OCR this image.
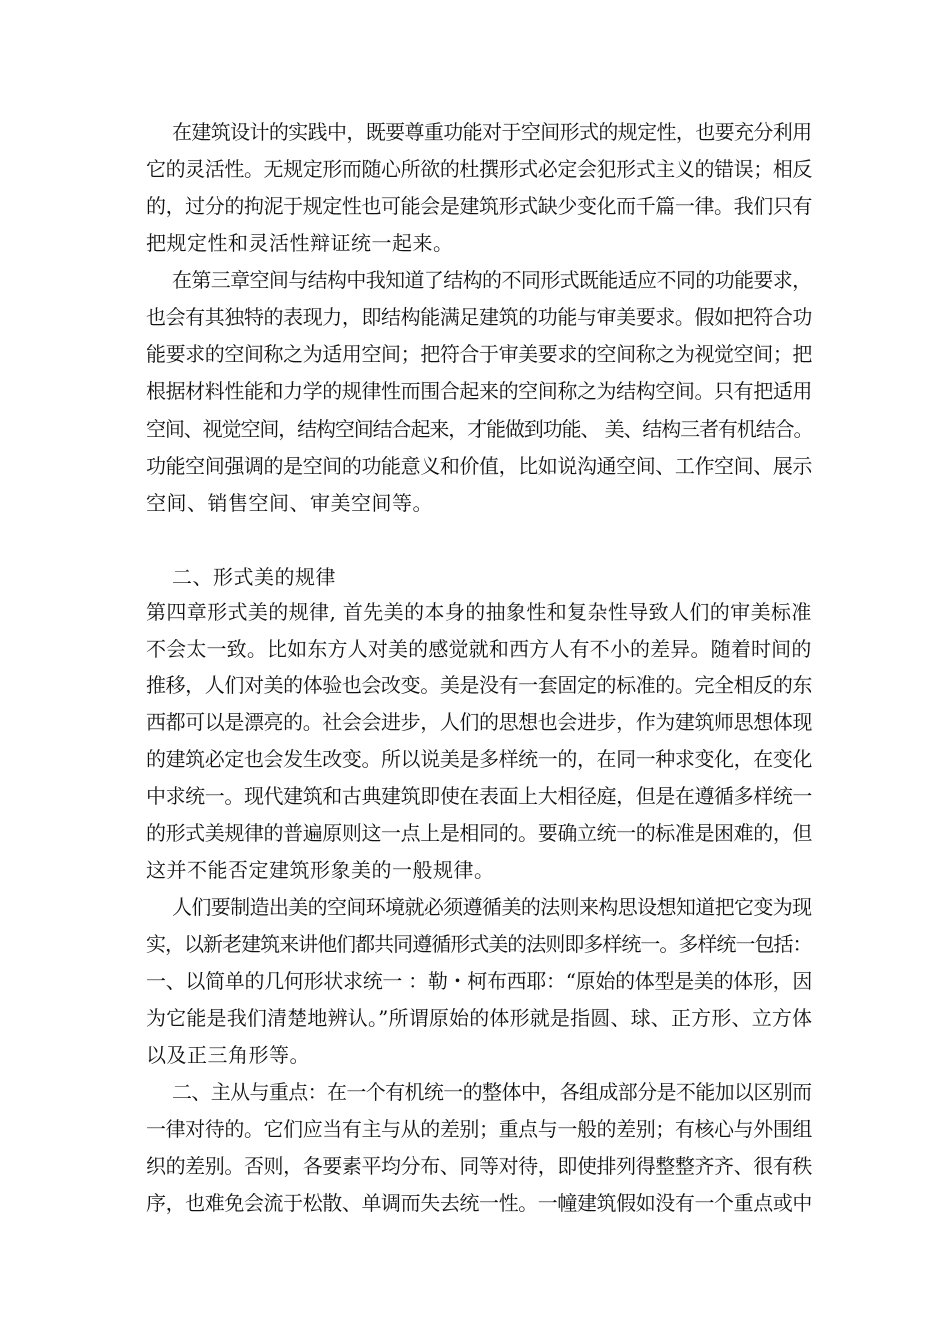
在建筑设计的实践中，既要尊重功能对于空间形式的规定性，也要充分利用
它的灵活性。无规定形而随心所欲的杜撰形式必定会犯形式主义的错误；相反
的，过分的拘泥于规定性也可能会是建筑形式缺少变化而千篇一律。我们只有
把规定性和灵活性辩证统一起来。
在第三章空间与结构中我知道了结构的不同形式既能适应不同的功能要求，
也会有其独特的表现力，即结构能满足建筑的功能与审美要求。假如把符合功
能要求的空间称之为适用空间；把符合于审美要求的空间称之为视觉空间；把
根据材料性能和力学的规律性而围合起来的空间称之为结构空间。只有把适用
空间、视觉空间，结构空间结合起来，才能做到功能、 美、结构三者有机结合。
功能空间强调的是空间的功能意义和价值，比如说沟通空间、工作空间、展示
空间、销售空间、审美空间等。
二、形式美的规律
第四章形式美的规律, 首先美的本身的抽象性和复杂性导致人们的审美标准
不会太一致。比如东方人对美的感觉就和西方人有不小的差异。随着时间的
推移，人们对美的体验也会改变。美是没有一套固定的标准的。完全相反的东
西都可以是漂亮的。社会会进步，人们的思想也会进步，作为建筑师思想体现
的建筑必定也会发生改变。所以说美是多样统一的，在同一种求变化，在变化
中求统一。现代建筑和古典建筑即使在表面上大相径庭，但是在遵循多样统一
的形式美规律的普遍原则这一点上是相同的。要确立统一的标准是困难的，但
这并不能否定建筑形象美的一般规律。
人们要制造出美的空间环境就必须遵循美的法则来构思设想知道把它变为现
实，以新老建筑来讲他们都共同遵循形式美的法则即多样统一。多样统一包括：
一、以简单的几何形状求统一 ：勒・柯布西耶：“原始的体型是美的体形，因
为它能是我们清楚地辨认。”所谓原始的体形就是指圆、球、正方形、立方体
以及正三角形等。
二、主从与重点：在一个有机统一的整体中，各组成部分是不能加以区别而
一律对待的。它们应当有主与从的差别；重点与一般的差别；有核心与外围组
织的差别。否则，各要素平均分布、同等对待，即使排列得整整齐齐、很有秩
序，也难免会流于松散、单调而失去统一性。一幢建筑假如没有一个重点或中
